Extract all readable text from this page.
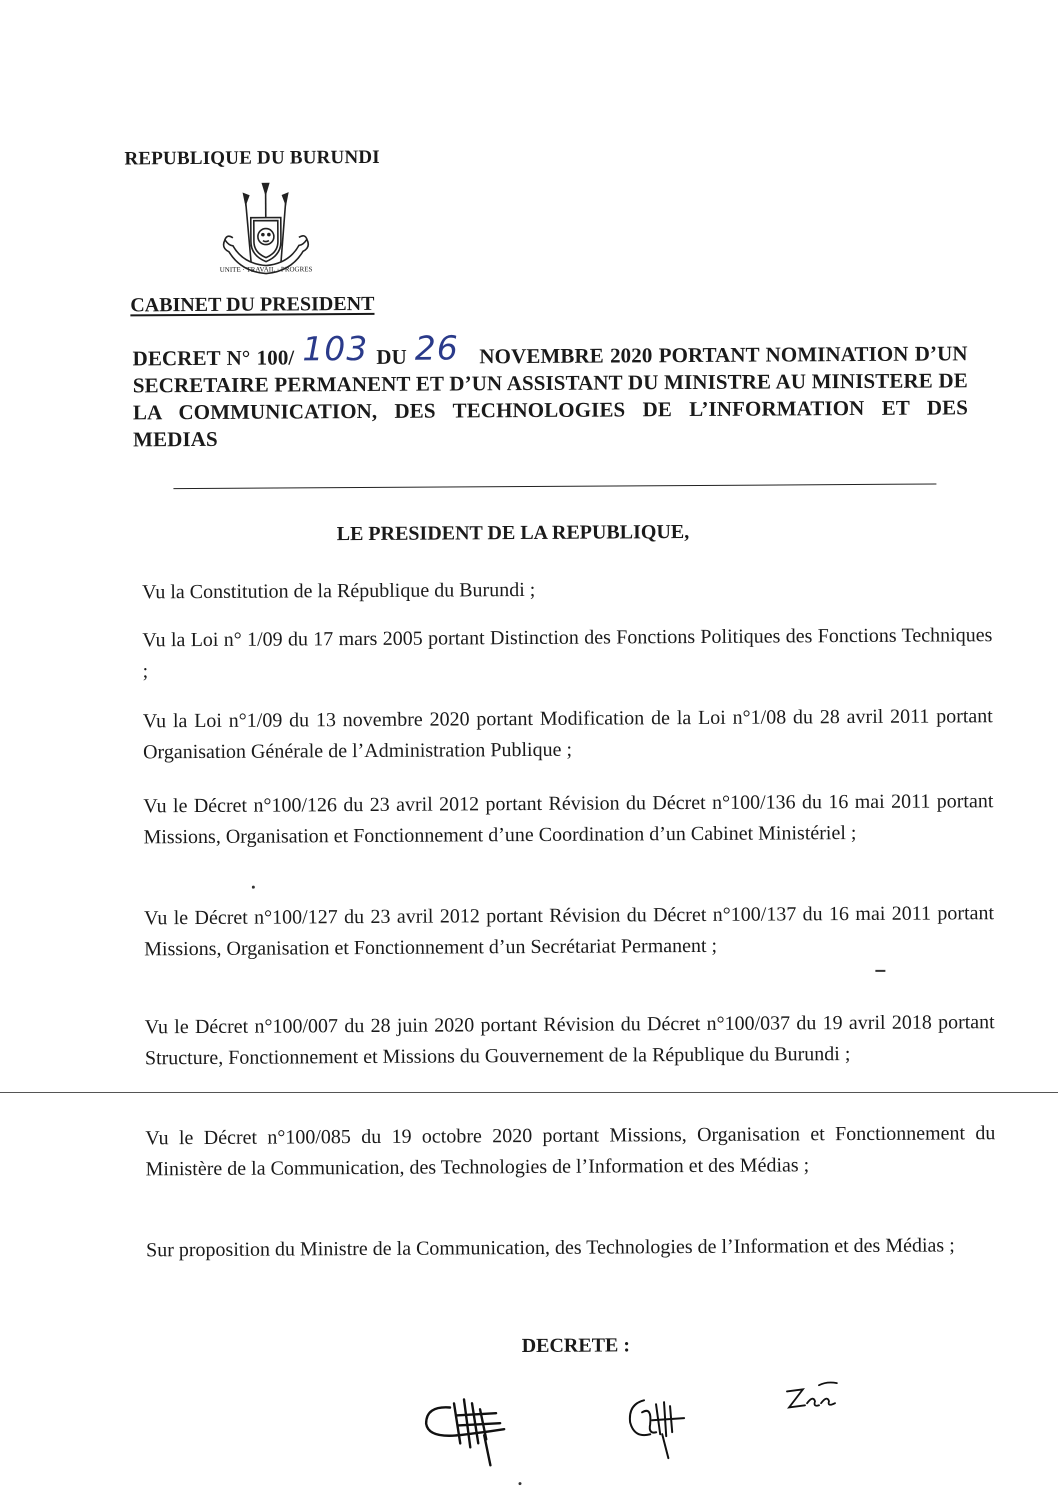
REPUBLIQUE DU BURUNDI
UNITE · TRAVAIL · PROGRES
CABINET DU PRESIDENT
DECRET N° 100/ 103 DU 26 NOVEMBRE 2020 PORTANT NOMINATION D’UN SECRETAIRE PERMANENT ET D’UN ASSISTANT DU MINISTRE AU MINISTERE DE LA COMMUNICATION, DES TECHNOLOGIES DE L’INFORMATION ET DES MEDIAS
LE PRESIDENT DE LA REPUBLIQUE,
Vu la Constitution de la République du Burundi ;
Vu la Loi n° 1/09 du 17 mars 2005 portant Distinction des Fonctions Politiques des Fonctions Techniques ;
Vu la Loi n°1/09 du 13 novembre 2020 portant Modification de la Loi n°1/08 du 28 avril 2011 portant Organisation Générale de l’Administration Publique ;
Vu le Décret n°100/126 du 23 avril 2012 portant Révision du Décret n°100/136 du 16 mai 2011 portant Missions, Organisation et Fonctionnement d’une Coordination d’un Cabinet Ministériel ;
Vu le Décret n°100/127 du 23 avril 2012 portant Révision du Décret n°100/137 du 16 mai 2011 portant Missions, Organisation et Fonctionnement d’un Secrétariat Permanent ;
Vu le Décret n°100/007 du 28 juin 2020 portant Révision du Décret n°100/037 du 19 avril 2018 portant Structure, Fonctionnement et Missions du Gouvernement de la République du Burundi ;
Vu le Décret n°100/085 du 19 octobre 2020 portant Missions, Organisation et Fonctionnement du Ministère de la Communication, des Technologies de l’Information et des Médias ;
Sur proposition du Ministre de la Communication, des Technologies de l’Information et des Médias ;
DECRETE :
